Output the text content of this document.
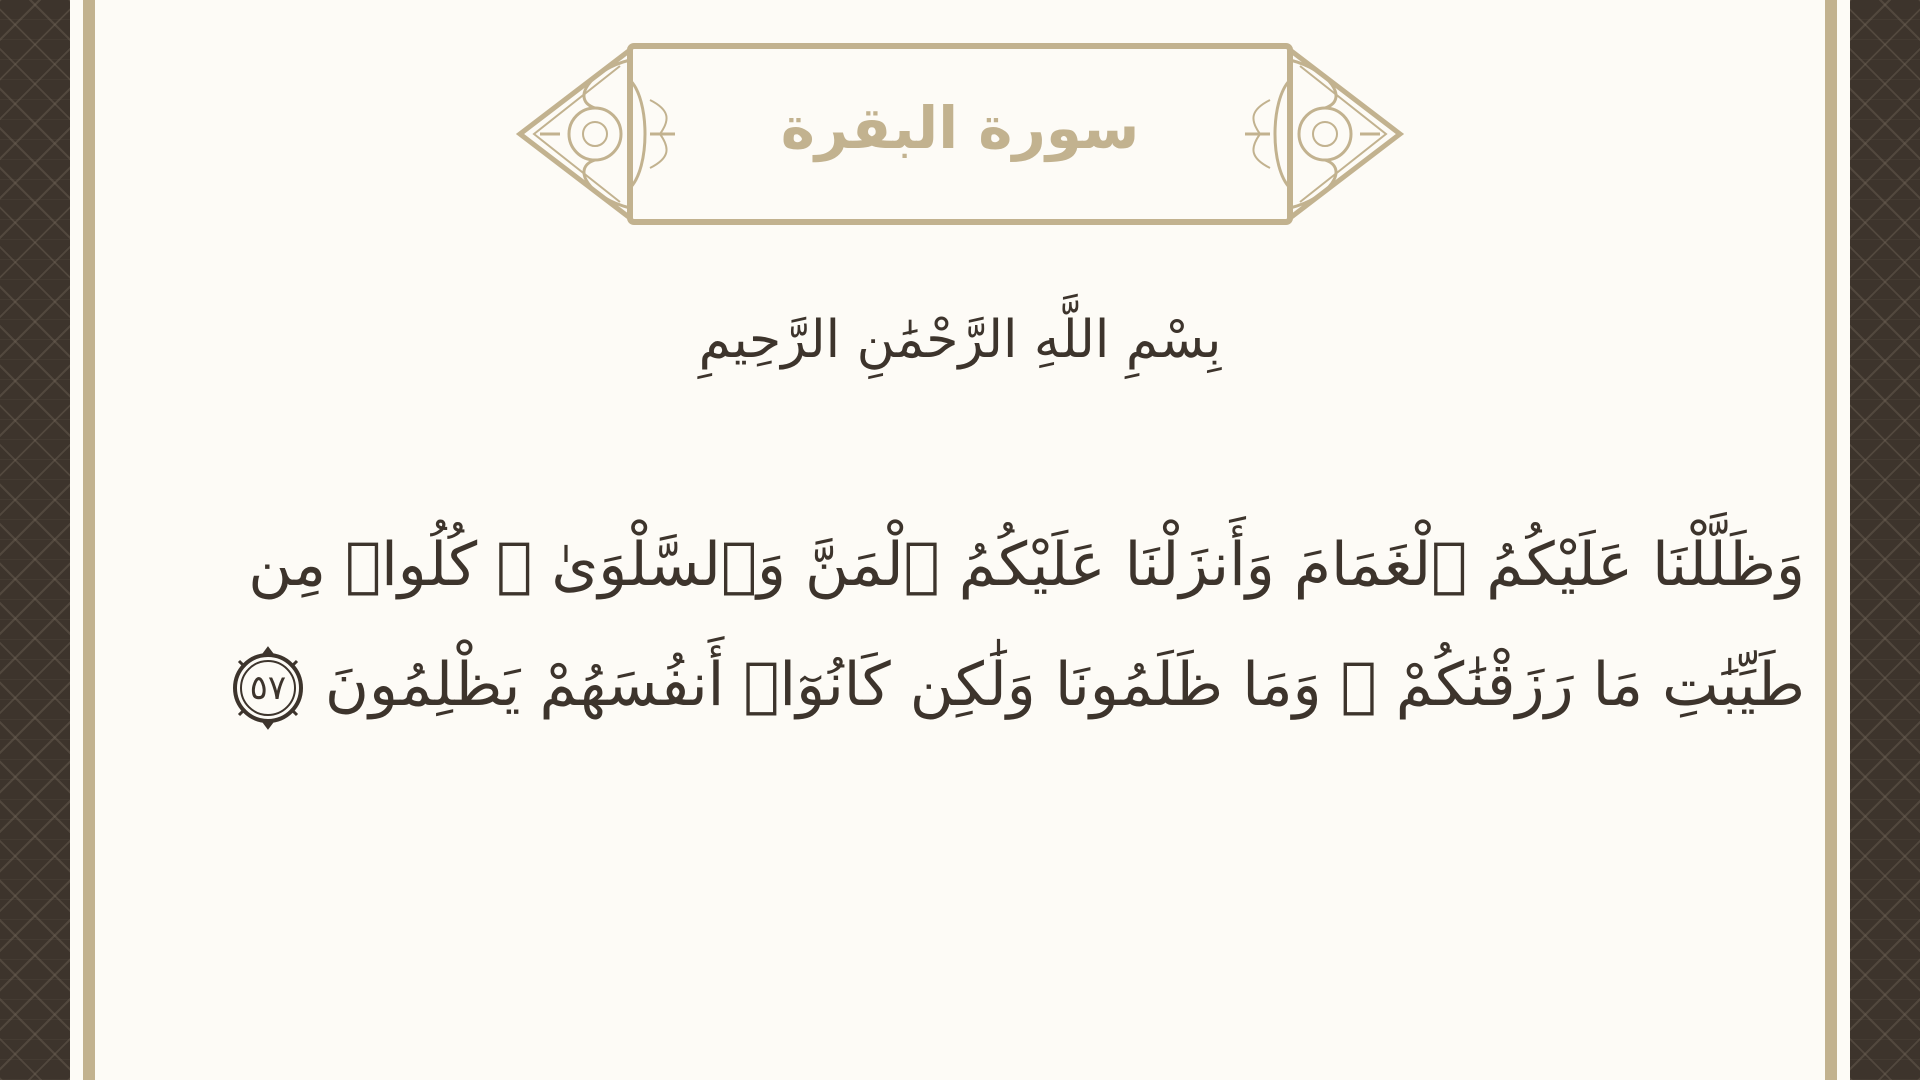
سورة البقرة
بِسْمِ اللَّهِ الرَّحْمَٰنِ الرَّحِيمِ
وَظَلَّلْنَا عَلَيْكُمُ ٱلْغَمَامَ وَأَنزَلْنَا عَلَيْكُمُ ٱلْمَنَّ وَٱلسَّلْوَىٰ ۖ كُلُوا۟ مِن
طَيِّبَٰتِ مَا رَزَقْنَٰكُمْ ۖ وَمَا ظَلَمُونَا وَلَٰكِن كَانُوٓا۟ أَنفُسَهُمْ يَظْلِمُونَ
٥٧
